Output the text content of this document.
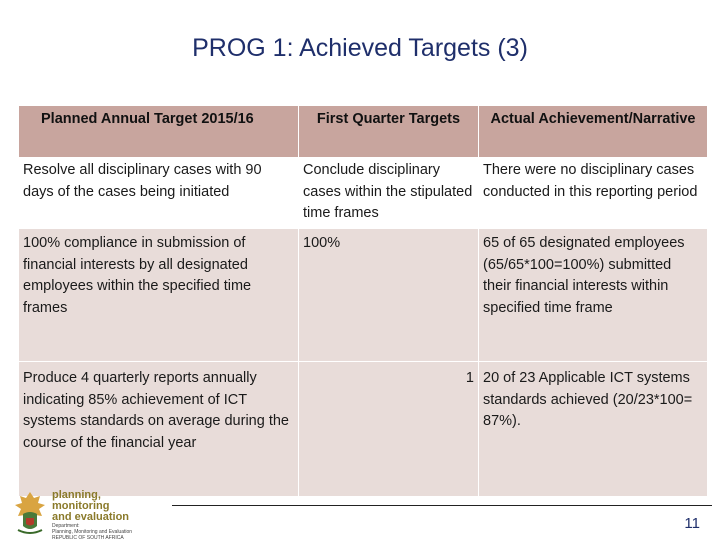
PROG 1: Achieved Targets (3)
Planned Annual Target 2015/16	First Quarter Targets	Actual Achievement/Narrative
Resolve all disciplinary cases with 90 days of the cases being initiated	Conclude disciplinary cases within the stipulated time frames	There were no disciplinary cases conducted in this reporting period
100% compliance in submission of financial interests by all designated employees within the specified time frames	100%	65 of 65 designated employees (65/65*100=100%) submitted their financial interests within specified time frame
Produce 4 quarterly reports annually indicating 85% achievement of ICT systems standards on average during the course of the financial year	1	20 of 23 Applicable ICT systems standards achieved (20/23*100= 87%).
planning, monitoring
and evaluation
Department:
Planning, Monitoring and Evaluation
REPUBLIC OF SOUTH AFRICA
11
